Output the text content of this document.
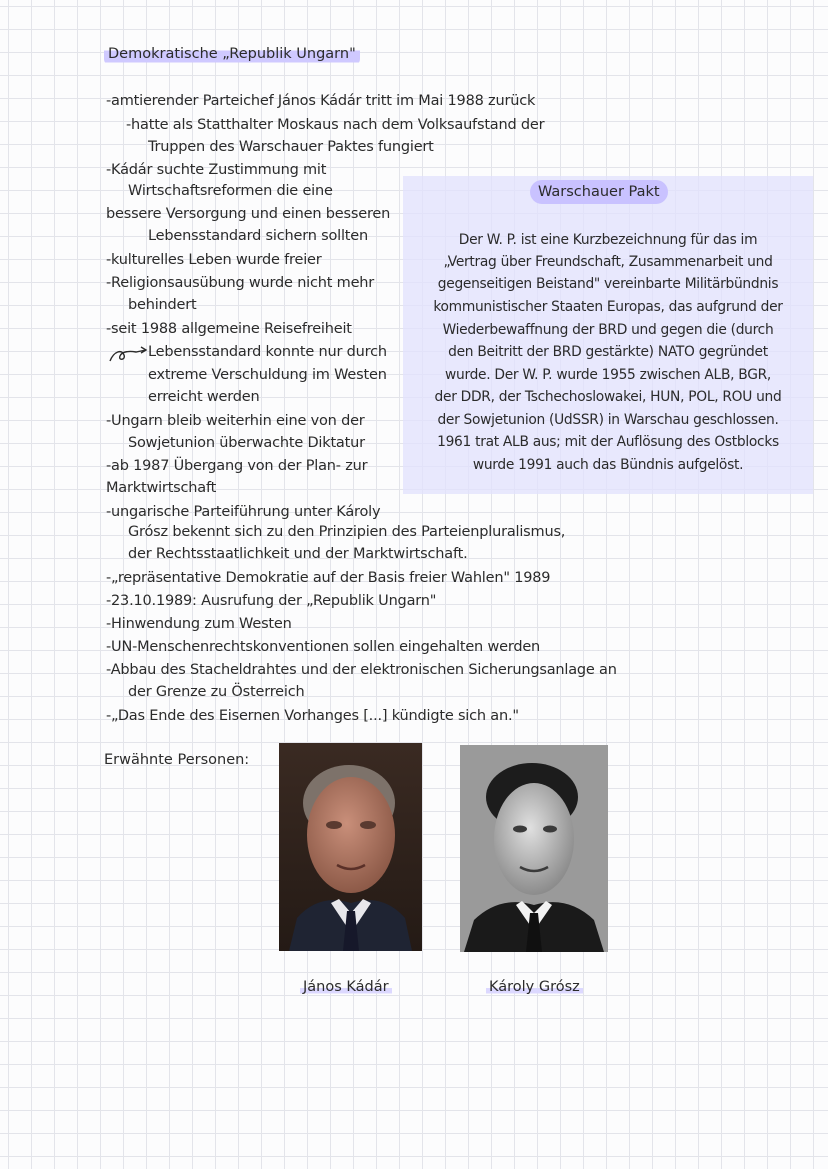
Demokratische „Republik Ungarn"
-amtierender Parteichef János Kádár tritt im Mai 1988 zurück
-hatte als Statthalter Moskaus nach dem Volksaufstand der
Truppen des Warschauer Paktes fungiert
-Kádár suchte Zustimmung mit
Wirtschaftsreformen die eine
bessere Versorgung und einen besseren
Lebensstandard sichern sollten
-kulturelles Leben wurde freier
-Religionsausübung wurde nicht mehr
behindert
-seit 1988 allgemeine Reisefreiheit
Lebensstandard konnte nur durch
extreme Verschuldung im Westen
erreicht werden
-Ungarn bleib weiterhin eine von der
Sowjetunion überwachte Diktatur
-ab 1987 Übergang von der Plan- zur
Marktwirtschaft
-ungarische Parteiführung unter Károly
Grósz bekennt sich zu den Prinzipien des Parteienpluralismus,
der Rechtsstaatlichkeit und der Marktwirtschaft.
-„repräsentative Demokratie auf der Basis freier Wahlen" 1989
-23.10.1989: Ausrufung der „Republik Ungarn"
-Hinwendung zum Westen
-UN-Menschenrechtskonventionen sollen eingehalten werden
-Abbau des Stacheldrahtes und der elektronischen Sicherungsanlage an
der Grenze zu Österreich
-„Das Ende des Eisernen Vorhanges [...] kündigte sich an."
Warschauer Pakt
Der W. P. ist eine Kurzbezeichnung für das im
„Vertrag über Freundschaft, Zusammenarbeit und
gegenseitigen Beistand" vereinbarte Militärbündnis
kommunistischer Staaten Europas, das aufgrund der
Wiederbewaffnung der BRD und gegen die (durch
den Beitritt der BRD gestärkte) NATO gegründet
wurde. Der W. P. wurde 1955 zwischen ALB, BGR,
der DDR, der Tschechoslowakei, HUN, POL, ROU und
der Sowjetunion (UdSSR) in Warschau geschlossen.
1961 trat ALB aus; mit der Auflösung des Ostblocks
wurde 1991 auch das Bündnis aufgelöst.
Erwähnte Personen:
János Kádár	Károly Grósz
